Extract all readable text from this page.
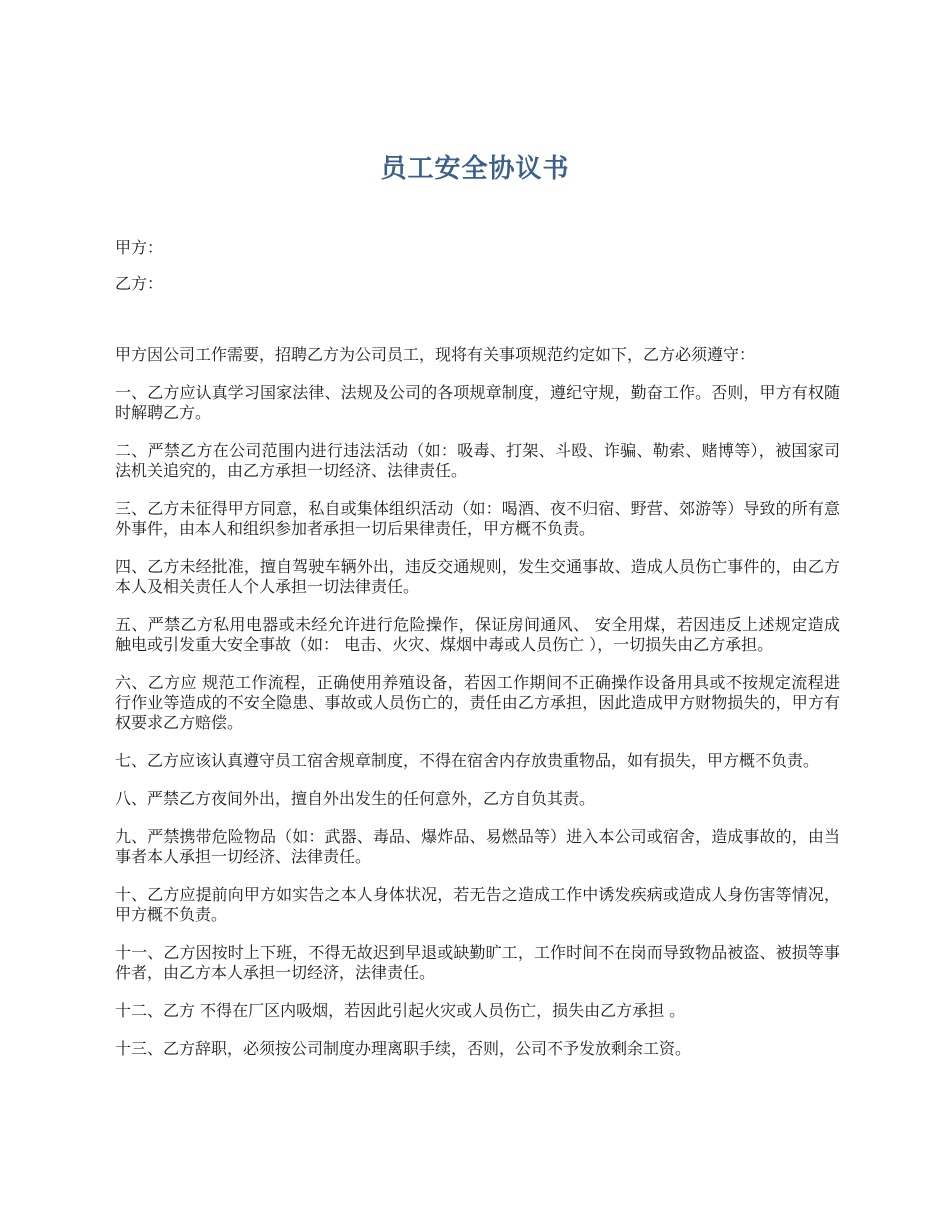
员工安全协议书

甲方：

乙方：

甲方因公司工作需要，招聘乙方为公司员工，现将有关事项规范约定如下，乙方必须遵守：

一、乙方应认真学习国家法律、法规及公司的各项规章制度，遵纪守规，勤奋工作。否则，甲方有权随时解聘乙方。

二、严禁乙方在公司范围内进行违法活动（如：吸毒、打架、斗殴、诈骗、勒索、赌博等），被国家司法机关追究的，由乙方承担一切经济、法律责任。

三、乙方未征得甲方同意，私自或集体组织活动（如：喝酒、夜不归宿、野营、郊游等）导致的所有意外事件，由本人和组织参加者承担一切后果律责任，甲方概不负责。

四、乙方未经批准，擅自驾驶车辆外出，违反交通规则，发生交通事故、造成人员伤亡事件的，由乙方本人及相关责任人个人承担一切法律责任。

五、严禁乙方私用电器或未经允许进行危险操作，保证房间通风、 安全用煤，若因违反上述规定造成触电或引发重大安全事故（如： 电击、火灾、煤烟中毒或人员伤亡 ），一切损失由乙方承担。

六、乙方应 规范工作流程，正确使用养殖设备，若因工作期间不正确操作设备用具或不按规定流程进行作业等造成的不安全隐患、事故或人员伤亡的，责任由乙方承担，因此造成甲方财物损失的，甲方有权要求乙方赔偿。

七、乙方应该认真遵守员工宿舍规章制度，不得在宿舍内存放贵重物品，如有损失，甲方概不负责。

八、严禁乙方夜间外出，擅自外出发生的任何意外，乙方自负其责。

九、严禁携带危险物品（如：武器、毒品、爆炸品、易燃品等）进入本公司或宿舍，造成事故的，由当事者本人承担一切经济、法律责任。

十、乙方应提前向甲方如实告之本人身体状况，若无告之造成工作中诱发疾病或造成人身伤害等情况，甲方概不负责。

十一、乙方因按时上下班，不得无故迟到早退或缺勤旷工，工作时间不在岗而导致物品被盗、被损等事件者，由乙方本人承担一切经济，法律责任。

十二、乙方 不得在厂区内吸烟，若因此引起火灾或人员伤亡，损失由乙方承担 。

十三、乙方辞职，必须按公司制度办理离职手续，否则，公司不予发放剩余工资。
